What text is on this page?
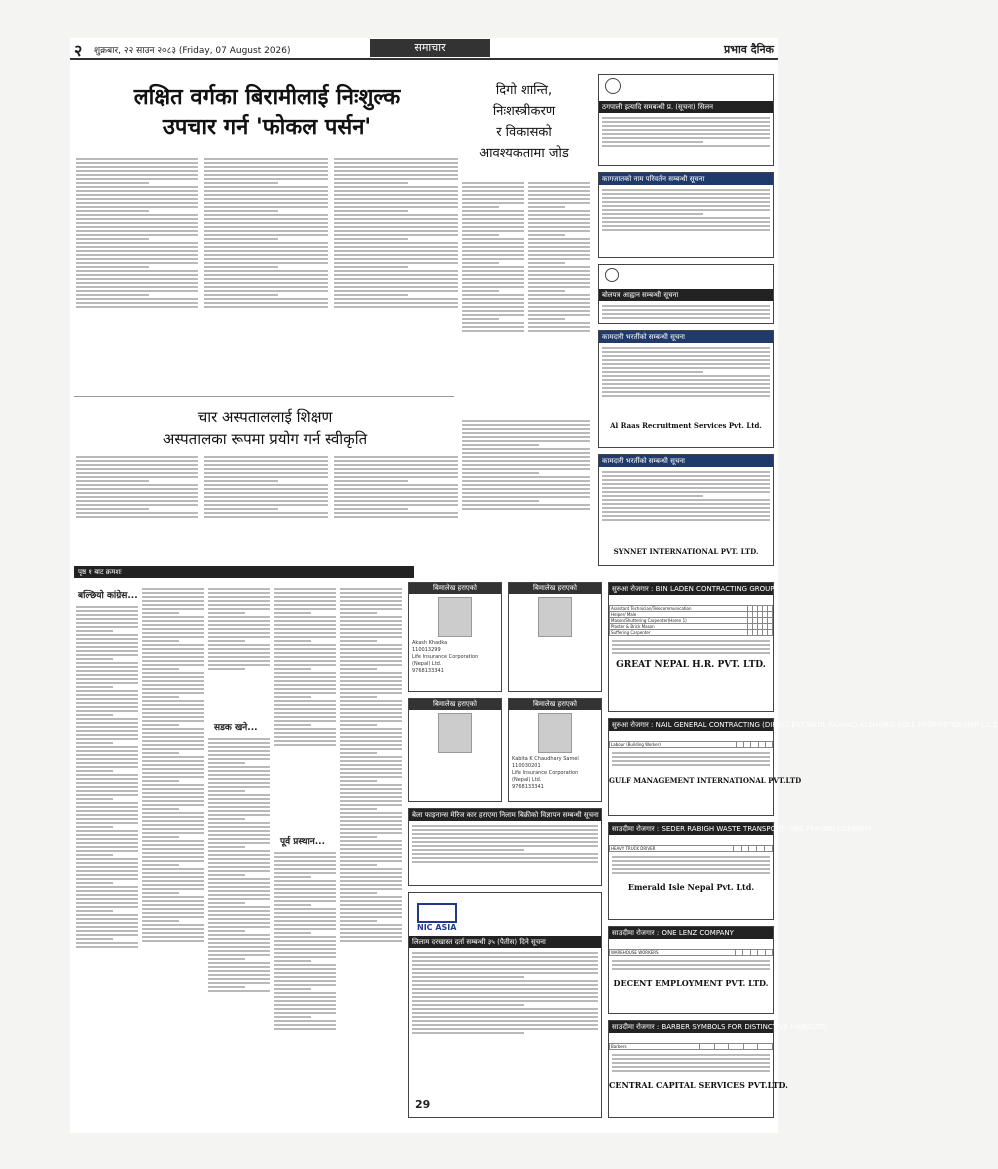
२ शुक्रबार, २२ साउन २०८३ (Friday, 07 August 2026)	समाचार	प्रभाव दैनिक
लक्षित वर्गका बिरामीलाई निःशुल्क
उपचार गर्न 'फोकल पर्सन'
दिगो शान्ति,
निःशस्त्रीकरण
र विकासको
आवश्यकतामा जोड
चार अस्पताललाई शिक्षण
अस्पतालका रूपमा प्रयोग गर्न स्वीकृति
पृष्ठ १ बाट क्रमशः
बल्छियो कांग्रेस...
सडक खने...
पूर्व प्रस्थान...
बिमालेख हराएको
Akash Khadka
110013299
Life Insurance Corporation (Nepal) Ltd.
9768133341
बिमालेख हराएको
बिमालेख हराएको	बिमालेख हराएको
Kabita K Chaudhary Samel
110030201
Life Insurance Corporation (Nepal) Ltd.
9768133341
बेला फाइनान्स मेरिज कार हराएमा निलाम बिक्रीको विज्ञापन सम्बन्धी सूचना
NIC ASIA
लिलाम दरखास्त दर्ता सम्बन्धी ३५ (पैतीस) दिने सूचना
29
ठगपाली इत्यादि समबन्धी प्र. (सूचना) सिलन
कागजातको नाम परिवर्तन सम्बन्धी सूचना
बोलपत्र आह्वान सम्बन्धी सूचना
कामदारी भरर्तीको सम्बन्धी सूचना
Al Raas Recruitment Services Pvt. Ltd.
कामदारी भरर्तीको सम्बन्धी सूचना
SYNNET INTERNATIONAL PVT. LTD.
सुरुआ रोजगार : BIN LADEN CONTRACTING GROUP
Assistant Technician/Telecommunication					
Helper/ Male					
Mason/Shuttering Carpenter(Haren 1)					
Plaster & Brick Mason					
Suffering Carpenter					
GREAT NEPAL H.R. PVT. LTD.
सुरुआ रोजगार : NAIL GENERAL CONTRACTING (DIREC) EST NATIL FAAHAD ALSHAMSI SOLE PROPRIETORSHIP L.L.C
Labour (Building Worker)					
GULF MANAGEMENT INTERNATIONAL PVT.LTD
साउदीमा रोजगार : SEDER RABIGH WASTE TRANSPORT- ONE PERSON COMPANY
HEAVY TRUCK DRIVER					
Emerald Isle Nepal Pvt. Ltd.
साउदीमा रोजगार : ONE LENZ COMPANY
WAREHOUSE WORKERS					
DECENT EMPLOYMENT PVT. LTD.
साउदीमा रोजगार : BARBER SYMBOLS FOR DISTINCTIVE HAIRCUTS
Barbers					
CENTRAL CAPITAL SERVICES PVT.LTD.
